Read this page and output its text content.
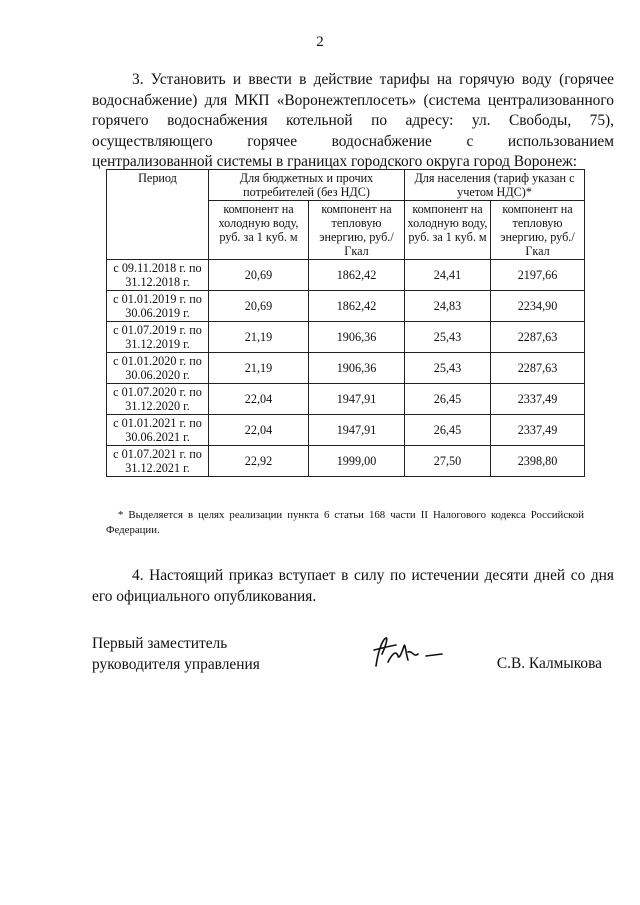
2
3. Установить и ввести в действие тарифы на горячую воду (горячее водоснабжение) для МКП «Воронежтеплосеть» (система централизованного горячего водоснабжения котельной по адресу: ул. Свободы, 75), осуществляющего горячее водоснабжение с использованием централизованной системы в границах городского округа город Воронеж:
Период	Для бюджетных и прочих потребителей (без НДС)		Для населения (тариф указан с учетом НДС)*	
	компонент на холодную воду, руб. за 1 куб. м	компонент на тепловую энергию, руб./Гкал	компонент на холодную воду, руб. за 1 куб. м	компонент на тепловую энергию, руб./Гкал
с 09.11.2018 г. по 31.12.2018 г.	20,69	1862,42	24,41	2197,66
с 01.01.2019 г. по 30.06.2019 г.	20,69	1862,42	24,83	2234,90
с 01.07.2019 г. по 31.12.2019 г.	21,19	1906,36	25,43	2287,63
с 01.01.2020 г. по 30.06.2020 г.	21,19	1906,36	25,43	2287,63
с 01.07.2020 г. по 31.12.2020 г.	22,04	1947,91	26,45	2337,49
с 01.01.2021 г. по 30.06.2021 г.	22,04	1947,91	26,45	2337,49
с 01.07.2021 г. по 31.12.2021 г.	22,92	1999,00	27,50	2398,80
* Выделяется в целях реализации пункта 6 статьи 168 части II Налогового кодекса Российской Федерации.
4. Настоящий приказ вступает в силу по истечении десяти дней со дня его официального опубликования.
Первый заместитель
руководителя управления	С.В. Калмыкова
